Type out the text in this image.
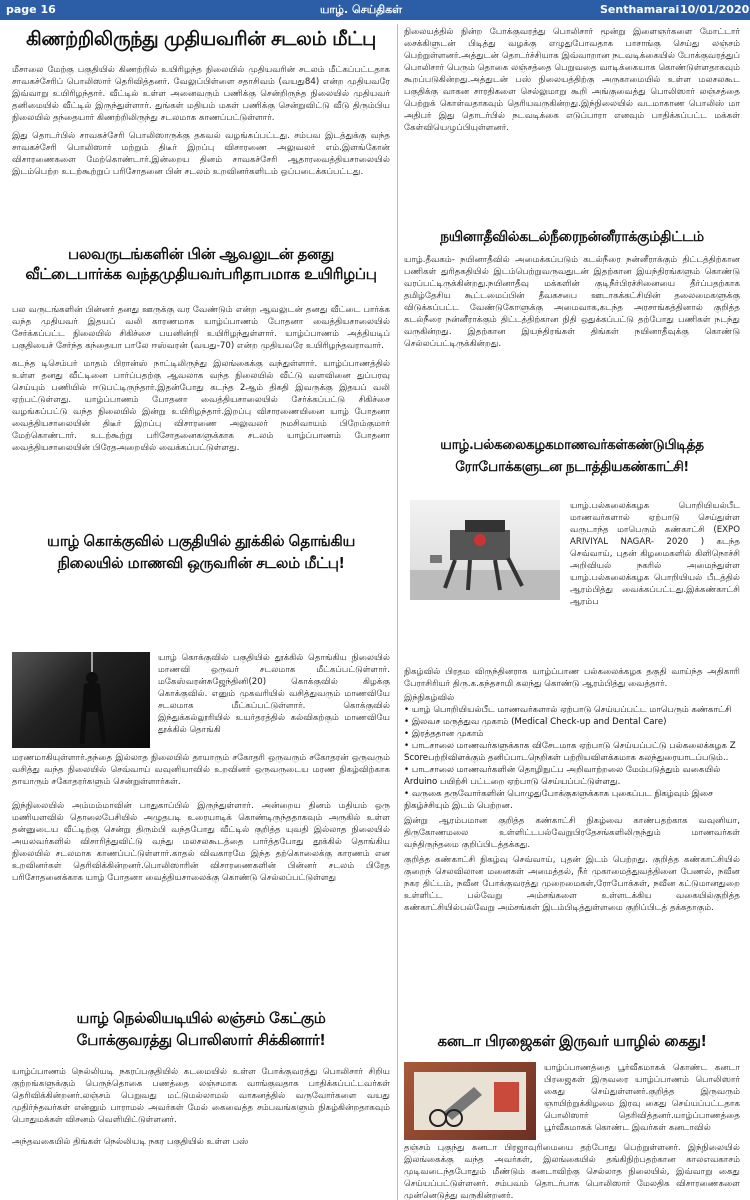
page 16	யாழ். செய்திகள்	Senthamarai 10/01/2020
கிணற்றிலிருந்து முதியவரின் சடலம் மீட்பு

மீசாலை மேற்கு பகுதியில் கிணற்றில் உயிரிழந்த நிலையில் முதியவரின் சடலம் மீட்கப்பட்டதாக சாவகச்சேரிப் பொலிஸார் தெரிவித்தனர். வேலுப்பிள்ளை சதாசிவம் (வயது84) என்ற முதியவரே இவ்வாறு உயிரிழந்தார். வீட்டில் உள்ள அனைவரும் பணிக்கு சென்றிருந்த நிலையில் முதியவர் தனிமையில் வீட்டில் இருந்துள்ளார். துங்கள் மதியம் மகள் பணிக்கு சென்றுவிட்டு வீடு திரும்பிய நிலையில் தந்தையார் கிணற்றிலிருந்து சடலமாக காணப்பட்டுள்ளார்.

இது தொடர்பில் சாவகச்சேரி பொலிஸாருக்கு தகவல் வழங்கப்பட்டது. சம்பவ இடத்துக்கு வந்த சாவகச்சேரி பொலிஸார் மற்றும் திடீர் இறப்பு விசாரணை அலுவலர் எம்.இளங்கோன் விசாரணைகளை மேற்கொண்டார்.இன்றைய தினம் சாவகச்சேரி ஆதாரவைத்தியசாலையில் இடம்பெற்ற உடற்கூற்றுப் பரிசோதனை பின் சடலம் உறவினர்களிடம் ஒப்படைக்கப்பட்டது.

பலவருடங்களின் பின் ஆவலுடன் தனது
வீட்டைபார்க்க வந்தமுதியவர்பரிதாபமாக உயிரிழப்பு

பல வருடங்களின் பின்னர் தனது ஊருக்கு வர வேண்டும் என்ற ஆவலுடன் தனது வீட்டை பார்க்க வந்த முதியவர் இதயப் வலி காரணமாக யாழ்ப்பாணம் போதனா வைத்தியசாலையில் சேர்க்கப்பட்ட நிலையில் சிகிச்சை பயனின்றி உயிரிழந்துள்ளார். யாழ்ப்பாணம் அத்தியடிப் பகுதியைச் சேர்ந்த கந்தையா பாலே ஈஸ்வரன் (வயது-70) என்ற முதியவரே உயிரிழந்தவராவார்.

கடந்த டிசெம்பர் மாதம் பிரான்ஸ் நாட்டிலிருந்து இலங்கைக்கு வந்துள்ளார். யாழ்ப்பாணத்தில் உள்ள தனது வீட்டினை பார்ப்பதற்கு ஆவலாக வந்த நிலையில் வீட்டு வளவினை துப்பரவு செய்யும் பணியில் ஈடுபட்டிருந்தார்.இதன்போது கடந்த 2ஆம் திகதி இவருக்கு இதயப் வலி ஏற்பட்டுள்ளது. யாழ்ப்பாணம் போதனா வைத்தியசாலையில் சேர்க்கப்பட்டு சிகிச்சை வழங்கப்பட்டு வந்த நிலையில் இன்று உயிரிழந்தார்.இறப்பு விசாரணையினை யாழ் போதனா வைத்தியசாலையின் திடீர் இறப்பு விசாரணை அலுவலர் நமசிவாயம் பிறேம்குமார் மேற்கொண்டார். உடற்கூற்று பரிசோதனைகளுக்காக சடலம் யாழ்ப்பாணம் போதனா வைத்தியசாலையின் பிரேதஅறையில் வைக்கப்பட்டுள்ளது.

யாழ் கொக்குவில் பகுதியில் தூக்கில் தொங்கிய
நிலையில் மாணவி ஒருவரின் சடலம் மீட்பு!

யாழ் கொக்குவில் பகுதியில் தூக்கில் தொங்கிய நிலையில் மாணவி ஒருவர் சடலமாக மீட்கப்பட்டுள்ளார். மகேஸ்வரன்சுஜேந்தினி(20) கொக்குவில் கிழக்கு கொக்குவில். எனும் முகவரியில் வசித்துவரும் மாணவியே சடலமாக மீட்கப்பட்டுள்ளார். கொக்குவில் இந்துக்கல்லூரியில் உயர்தரத்தில் கல்விகற்கும் மாணவியே தூக்கில் தொங்கி

மரணமாகியுள்ளார்.தந்தை இல்லாத நிலையில் தாயாரும் சகோதரி ஒருவரும் சகோதரன் ஒருவரும் வசித்து வந்த நிலையில் செவ்வாய் வவுனியாவில் உறவினர் ஒருவருடைய மரண நிகழ்விற்காக தாயாரும் சகோதரர்களும் சென்றுள்ளார்கள்.

இந்நிலையில் அம்மம்மாவின் பாதுகாப்பில் இருந்துள்ளார். அன்றைய தினம் மதியம் ஒரு மணியளவில் தொலைபேசியில் அழுதபடி உரையாடிக் கொண்டிருந்ததாகவும் அருகில் உள்ள தன்னுடைய வீட்டிற்கு சென்று திரும்பி வந்தபோது வீட்டில் குறித்த யுவதி இல்லாத நிலையில் அயலவர்களில் விசாரித்துவிட்டு வந்து மலசலகூடத்தை பார்த்தபோது தூக்கில் தொங்கிய நிலையில் சடலமாக காணப்பட்டுள்ளார்.காதல் விவகாரமே இந்த தற்கொலைக்கு காரணம் என உறவினர்கள் தெரிவிக்கின்றனர்.பொலிஸாரின் விசாரணைகளின் பின்னர் சடலம் பிரேத பரிசோதனைக்காக யாழ் போதனா வைத்தியசாலைக்கு கொண்டு செல்லப்பட்டுள்ளது

யாழ் நெல்லியடியில் லஞ்சம் கேட்கும்
போக்குவரத்து பொலிஸார் சிக்கினார்!

யாழ்ப்பாணம் நெல்லியடி நகரப்பகுதியில் கடமையில் உள்ள போக்குவரத்து பொலிசார் சிறிய குற்றங்களுக்கும் பெருந்தொகை பணத்தை லஞ்சமாக வாங்குவதாக பாதிக்கப்பட்டவர்கள் தெரிவிக்கின்றனர்.லஞ்சம் பெறுவது மட்டுமல்லாமல் வாகனத்தில் வருவோர்களை வயது முதிர்ந்தவர்கள் என்னும் பாராமல் அவர்கள் மேல் கைவைத்த சம்பவங்களும் நிகழ்கின்றதாகவும் பொதுமக்கள் விசனம் வெளியிட்டுள்ளனர்.

அந்தவகையில் திங்கள் நெல்லியடி நகர பகுதியில் உள்ள பஸ்

நிலையத்தில் நின்ற போக்குவரத்து பொலிசார் மூன்று இளைஞர்களை மோட்டார் சைக்கிளுடன் பிடித்து வழக்கு எழுதுபோவதாக பாசாங்கு செய்து லஞ்சம் பெற்றுள்ளனர்.அத்துடன் தொடர்ச்சியாக இவ்வாறான நடவடிக்கையில் போக்குவரத்துப் பொலிசார் பெரும் தொகை லஞ்சத்தை பெறுவதை வாடிக்கையாக கொண்டுள்ளதாகவும் கூறப்படுகின்றது.அத்துடன் பஸ் நிலையத்திற்கு அருகாமையில் உள்ள மலசலகூட பகுதிக்கு வாகன சாரதிகளை செல்லுமாறு கூறி அங்குவைத்து பொலிஸார் லஞ்சத்தை பெற்றுக் கொள்வதாகவும் தெரியவருகின்றது.இந்நிலையில் வடமாகாண பொலிஸ் மா அதிபர் இது தொடர்பில் நடவடிக்கை எடுப்பாரா எனவும் பாதிக்கப்பட்ட மக்கள் கேள்வியெழுப்பியுள்ளனர்.

நயினாதீவில்கடல்நீரைநன்னீராக்கும்திட்டம்

யாழ்.தீவகம்- நயினாதீவில் அமைக்கப்படும் கடல்நீரை நன்னீராக்கும் திட்டத்திற்கான பணிகள் துரிதகதியில் இடம்பெற்றுவருவதுடன் இதற்கான இயந்திரங்களும் கொண்டு வரப்பட்டிருக்கின்றது.நயினாதீவு மக்களின் குடிநீர்பிரச்சினையை தீர்ப்பதற்காக தமிழ்தேசிய கூட்டமைப்பின் தீவகசபை ஊடாகக்கட்சியின் தலைமைகளுக்கு விடுக்கப்பட்ட வேண்டுகோளுக்கு அமைவாக,கடந்த அரசாங்கத்தினால் குறித்த கடல்நீரை நன்னீராக்கும் திட்டத்திற்கான நிதி ஒதுக்கப்பட்டு தற்போது பணிகள் நடந்து வருகின்றது. இதற்கான இயந்திரங்கள் திங்கள் நயினாதீவுக்கு கொண்டு செல்லப்பட்டிருக்கின்றது.

யாழ்.பல்கலைகழகமாணவர்கள்கண்டுபிடித்த
ரோபோக்களுடன நடாத்தியகண்காட்சி!

யாழ்.பல்கலைக்கழக பொறியியல்பீட மாணவர்களால் ஏற்பாடு செய்துள்ள வருடாந்த மாபெரும் கண்காட்சி (EXPO ARIVIYAL NAGAR- 2020 ) கடந்த செவ்வாய், புதன் கிழமைகளில் கிளிநொச்சி அறிவியல் நகரில் அமைந்துள்ள யாழ்.பல்கலைக்கழக பொறியியல் பீடத்தில் ஆரம்பித்து வைக்கப்பட்டது.இக்கண்காட்சி ஆரம்ப

நிகழ்வில் பிரதம விருந்தினராக யாழ்ப்பாண பல்கலைக்கழக தகுதி வாய்ந்த அதிகாரி பேராசிரியர் திரு.க.கந்தசாமி கலந்து கொண்டு ஆரம்பித்து வைத்தார்.

இந்நிகழ்வில்

• யாழ் பொறியியல்பீட மாணவர்களால் ஏற்பாடு செய்யப்பட்ட மாபெரும் கண்காட்சி
• இலவச மருத்துவ முகாம் (Medical Check-up and Dental Care)
• இரத்ததான முகாம்
• பாடசாலை மாணவர்களுக்காக விசேடமாக ஏற்பாடு செய்யப்பட்டு பல்கலைக்கழக Z Scoreபற்றிவிளக்கும் தனிப்பாடநெறிகள் பற்றியவிளக்கமாக கலந்துரையாடப்படும்..
• பாடசாலை மாணவர்களின் தொழிநுட்ப அறிவாற்றலை மேம்படுத்தும் வகையில் Arduino பயிற்சி பட்டறை ஏற்பாடு செய்யப்பட்டுள்ளது.
• வருகை தருவோர்களின் பொழுதுபோக்குகளுக்காக புகைப்பட நிகழ்வும் இசை நிகழ்ச்சியும் இடம் பெற்றன.

இன்று ஆரம்பமான குறித்த கண்காட்சி நிகழ்வை காண்பதற்காக வவுனியா, திருகோணமலை உள்ளிட்டபல்வேறுபிரதேசங்களிலிருந்தும் மாணவர்கள் வந்திருந்தமை குறிப்பிடத்தக்கது.

குறித்த கண்காட்சி நிகழ்வு செவ்வாய், புதன் இடம் பெற்றது. குறித்த கண்காட்சியில் குறைந் செலவிலான மனைகள் அமைத்தல், நீர் முகாமைத்துவத்தினை பேணல், நவீன நகர திட்டம், நவீன போக்குவரத்து முறைமைகள்,ரோபோக்கள், நவீன கட்டுமானதுறை உள்ளிட்ட பல்வேறு அம்சங்களை உள்ளடக்கிய வகையில்குறித்த கண்காட்சியில்பல்வேறு அம்சங்கள் இடம்பிடித்துள்ளமை குறிப்பிடத் தக்கதாகும்.

கனடா பிரஜைகள் இருவர் யாழில் கைது!

யாழ்ப்பாணத்தை பூர்வீகமாகக் கொண்ட கனடா பிரஜைகள் இருவரை யாழ்ப்பாணம் பொலிஸார் கைது செய்துள்ளனர்.குறித்த இருவரும் ஞாயிற்றுக்கிழமை இரவு கைது செய்யப்பட்டதாக பொலிஸார் தெரிவித்தனர்.யாழ்ப்பாணத்தை பூர்வீகமாகக் கொண்ட இவர்கள் கனடாவில்

தஞ்சம் புகுந்து கனடா பிரஜாவுரிமையை தற்போது பெற்றுள்ளனர். இந்நிலையில் இலங்கைக்கு வந்த அவர்கள், இலங்கையில் தங்கிநிற்பதற்கான காலஎவகாசம் முடிவடைந்தபோதும் மீண்டும் கனடாவிற்கு செல்லாத நிலையில், இவ்வாறு கைது செய்யப்பட்டுள்ளனர். சம்பவம் தொடர்பாக பொலிஸார் மேலதிக விசாரணைகளை முன்னெடுத்து வருகின்றனர்.
